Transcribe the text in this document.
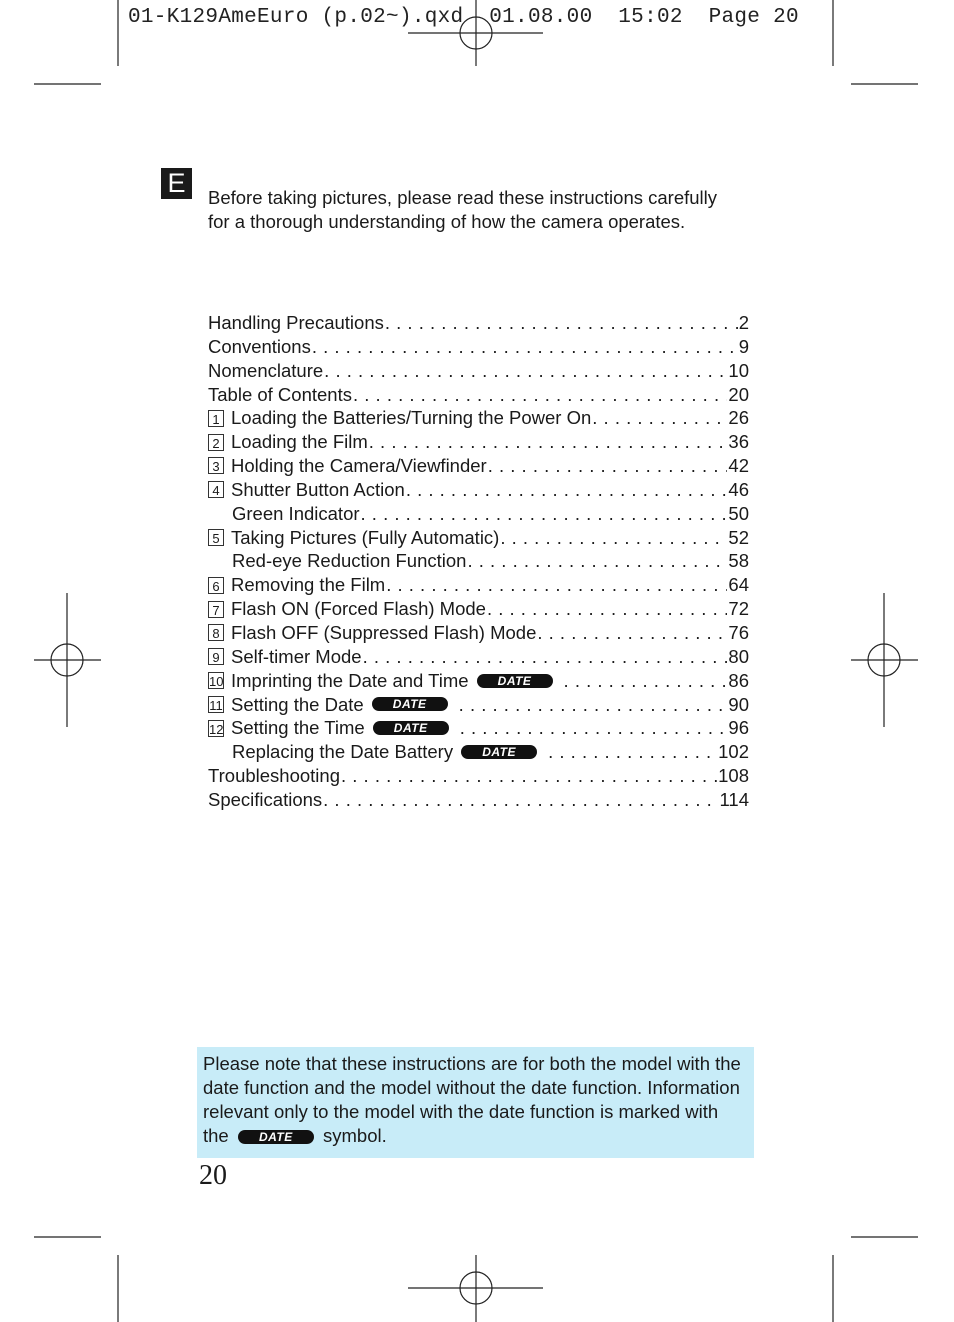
01-K129AmeEuro (p.02~).qxd  01.08.00  15:02  Page 20
E	Before taking pictures, please read these instructions carefully for a thorough understanding of how the camera operates.
Handling Precautions . . .	2
Conventions . . .	9
Nomenclature . . .	10
Table of Contents . . .	20
1 Loading the Batteries/Turning the Power On . . .	26
2 Loading the Film . . .	36
3 Holding the Camera/Viewfinder . . .	42
4 Shutter Button Action . . .	46
Green Indicator . . .	50
5 Taking Pictures (Fully Automatic) . . .	52
Red-eye Reduction Function . . .	58
6 Removing the Film . . .	64
7 Flash ON (Forced Flash) Mode . . .	72
8 Flash OFF (Suppressed Flash) Mode . . .	76
9 Self-timer Mode . . .	80
10 Imprinting the Date and Time	DATE . . .	86
11 Setting the Date	DATE . . .	90
12 Setting the Time	DATE . . .	96
Replacing the Date Battery	DATE . . .	102
Troubleshooting . . .	108
Specifications . . .	114
Please note that these instructions are for both the model with the date function and the model without the date function. Information relevant only to the model with the date function is marked with the	DATE symbol.
20
